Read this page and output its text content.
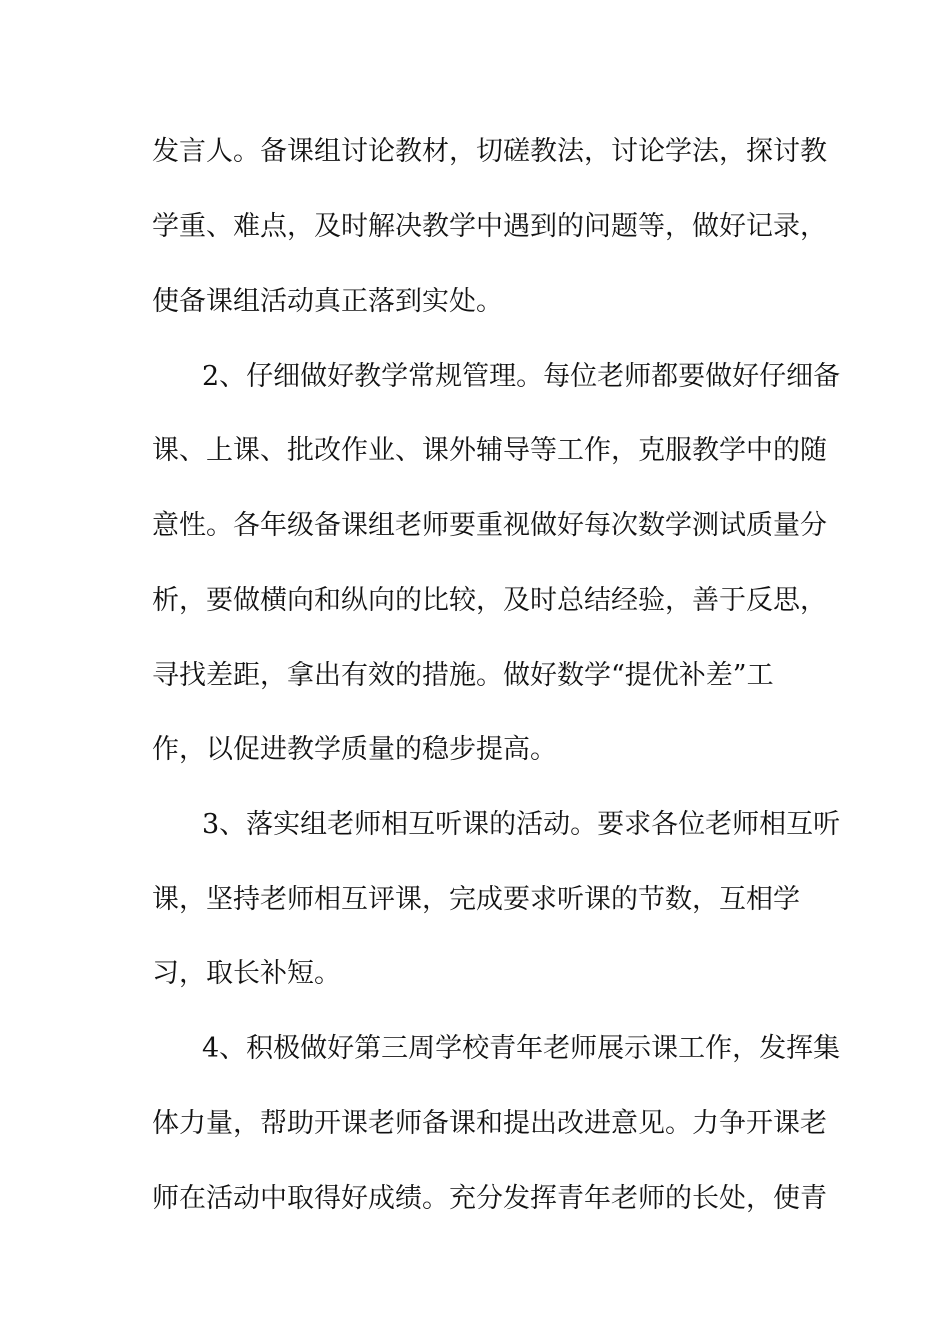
发言人。备课组讨论教材，切磋教法，讨论学法，探讨教
学重、难点，及时解决教学中遇到的问题等，做好记录，
使备课组活动真正落到实处。
2、仔细做好教学常规管理。每位老师都要做好仔细备
课、上课、批改作业、课外辅导等工作，克服教学中的随
意性。各年级备课组老师要重视做好每次数学测试质量分
析，要做横向和纵向的比较，及时总结经验，善于反思，
寻找差距，拿出有效的措施。做好数学“提优补差”工
作，以促进教学质量的稳步提高。
3、落实组老师相互听课的活动。要求各位老师相互听
课，坚持老师相互评课，完成要求听课的节数，互相学
习，取长补短。
4、积极做好第三周学校青年老师展示课工作，发挥集
体力量，帮助开课老师备课和提出改进意见。力争开课老
师在活动中取得好成绩。充分发挥青年老师的长处，使青
